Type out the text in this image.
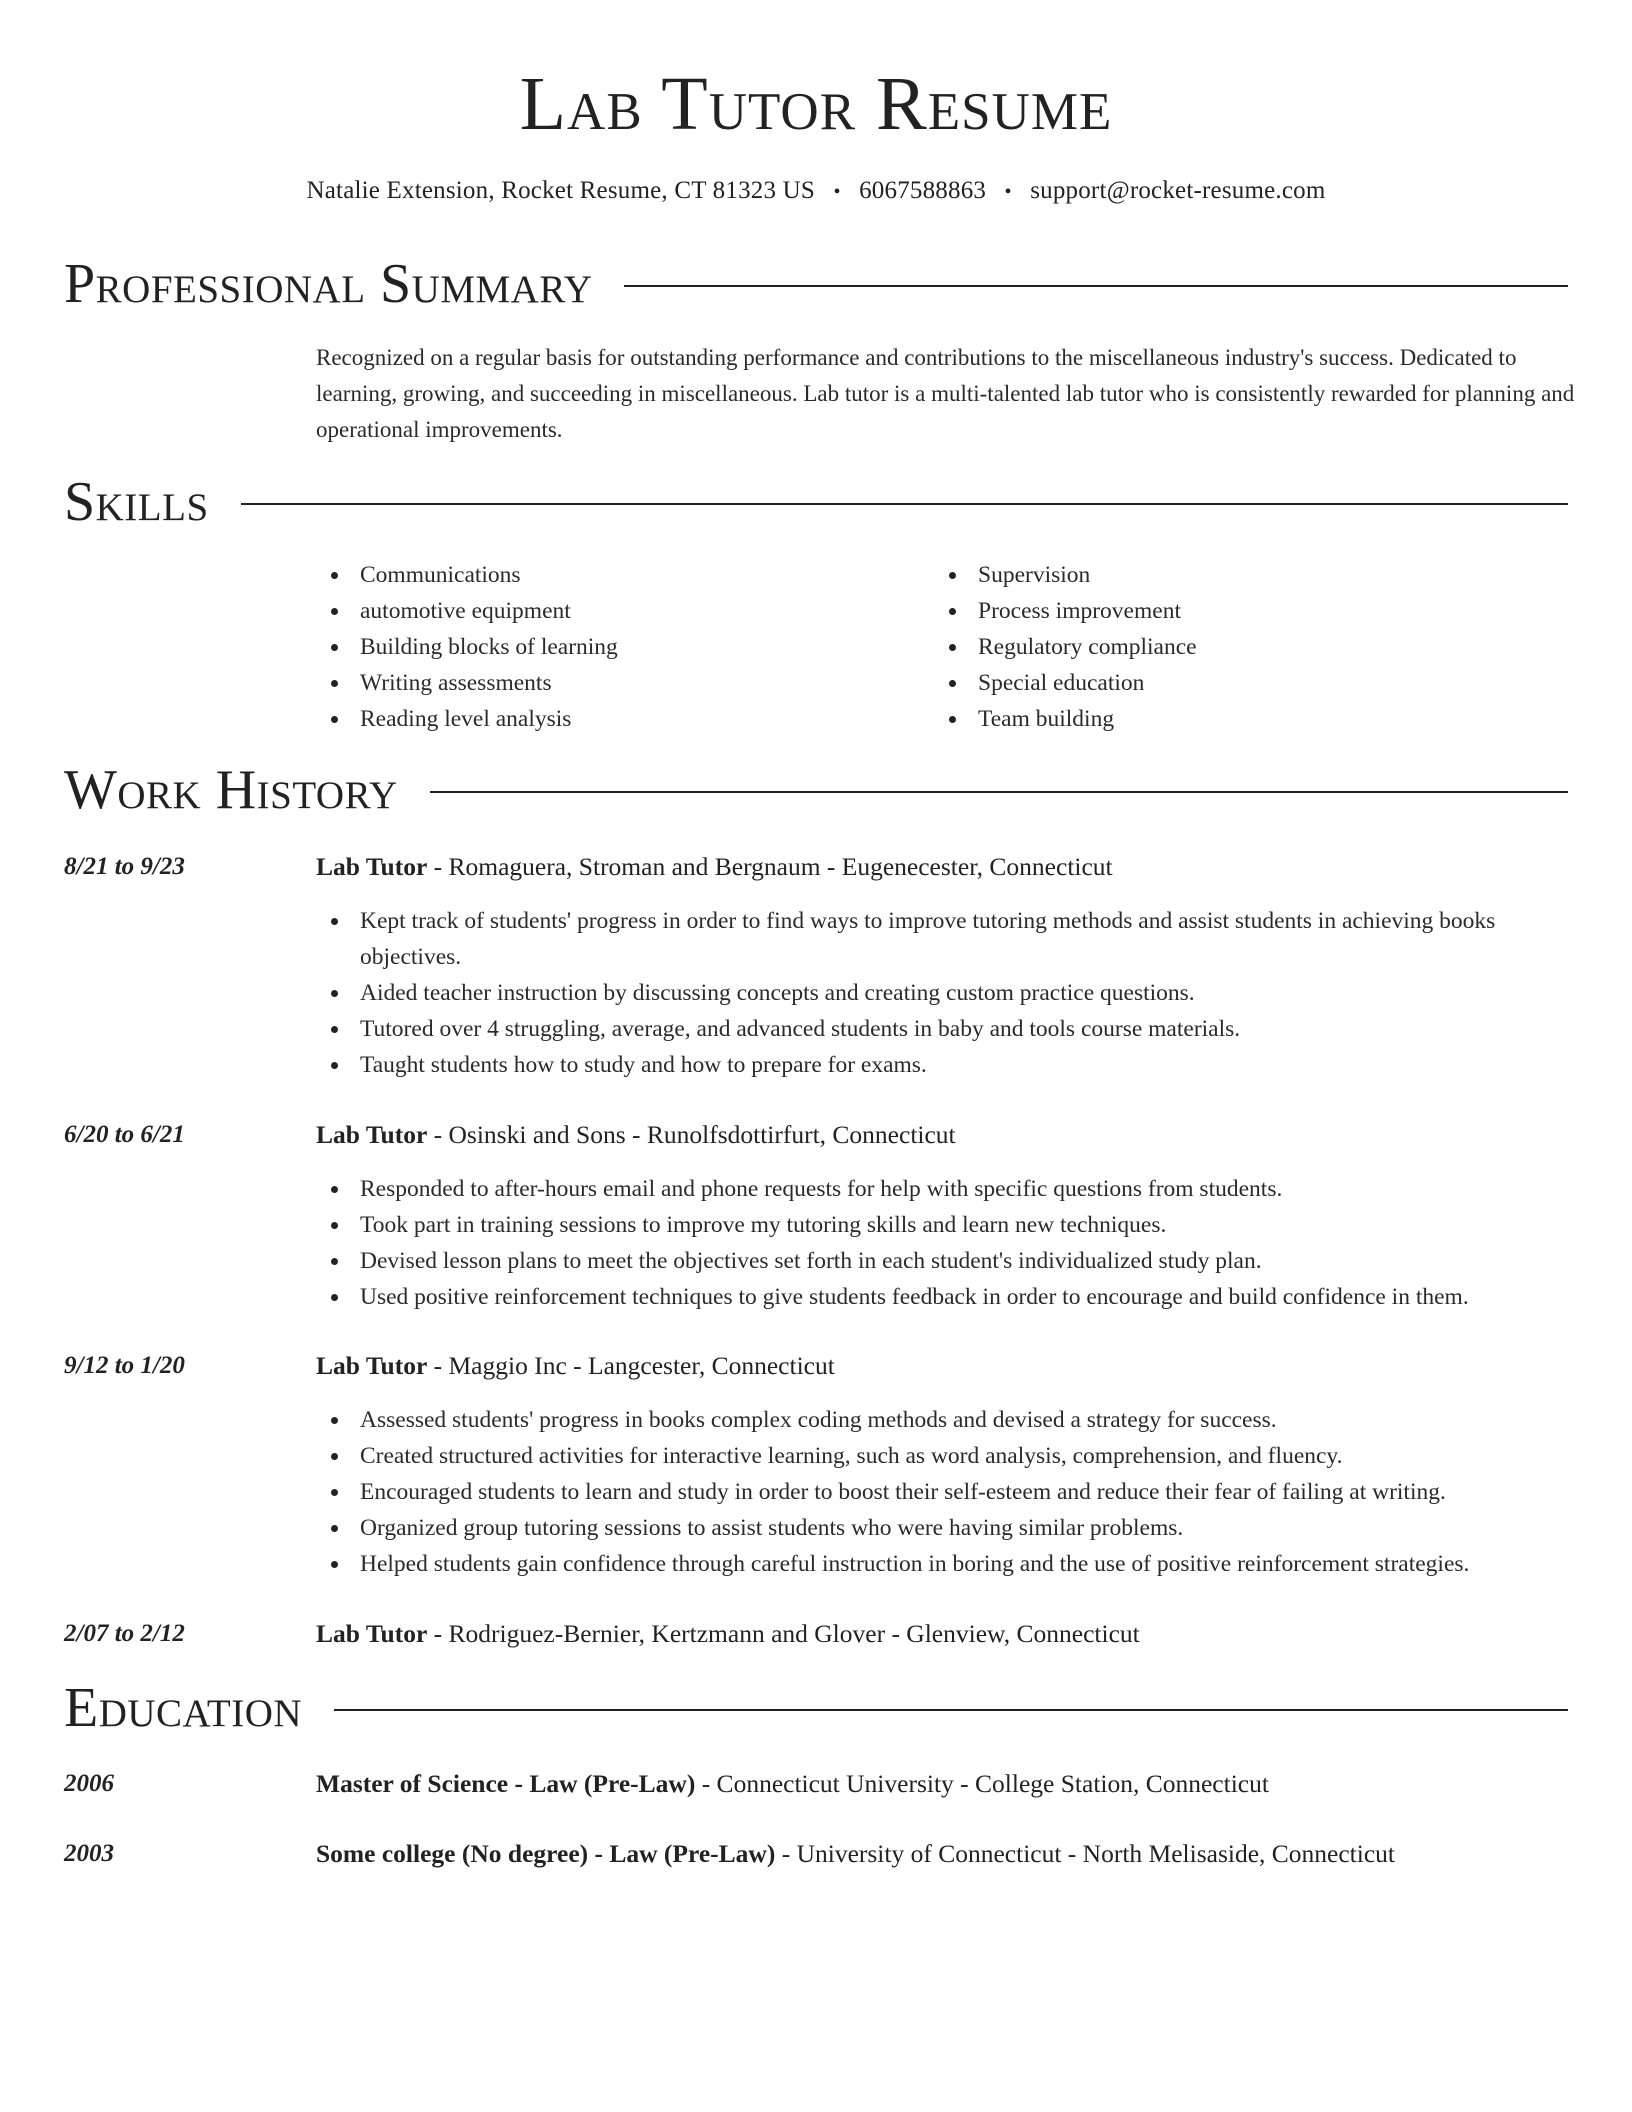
Lab Tutor Resume
Natalie Extension, Rocket Resume, CT 81323 US • 6067588863 • support@rocket-resume.com
Professional Summary
Recognized on a regular basis for outstanding performance and contributions to the miscellaneous industry's success. Dedicated to learning, growing, and succeeding in miscellaneous. Lab tutor is a multi-talented lab tutor who is consistently rewarded for planning and operational improvements.
Skills
Communications
automotive equipment
Building blocks of learning
Writing assessments
Reading level analysis
Supervision
Process improvement
Regulatory compliance
Special education
Team building
Work History
8/21 to 9/23	Lab Tutor - Romaguera, Stroman and Bergnaum - Eugenecester, Connecticut
Kept track of students' progress in order to find ways to improve tutoring methods and assist students in achieving books objectives.
Aided teacher instruction by discussing concepts and creating custom practice questions.
Tutored over 4 struggling, average, and advanced students in baby and tools course materials.
Taught students how to study and how to prepare for exams.
6/20 to 6/21	Lab Tutor - Osinski and Sons - Runolfsdottirfurt, Connecticut
Responded to after-hours email and phone requests for help with specific questions from students.
Took part in training sessions to improve my tutoring skills and learn new techniques.
Devised lesson plans to meet the objectives set forth in each student's individualized study plan.
Used positive reinforcement techniques to give students feedback in order to encourage and build confidence in them.
9/12 to 1/20	Lab Tutor - Maggio Inc - Langcester, Connecticut
Assessed students' progress in books complex coding methods and devised a strategy for success.
Created structured activities for interactive learning, such as word analysis, comprehension, and fluency.
Encouraged students to learn and study in order to boost their self-esteem and reduce their fear of failing at writing.
Organized group tutoring sessions to assist students who were having similar problems.
Helped students gain confidence through careful instruction in boring and the use of positive reinforcement strategies.
2/07 to 2/12	Lab Tutor - Rodriguez-Bernier, Kertzmann and Glover - Glenview, Connecticut
Education
2006	Master of Science - Law (Pre-Law) - Connecticut University - College Station, Connecticut
2003	Some college (No degree) - Law (Pre-Law) - University of Connecticut - North Melisaside, Connecticut
